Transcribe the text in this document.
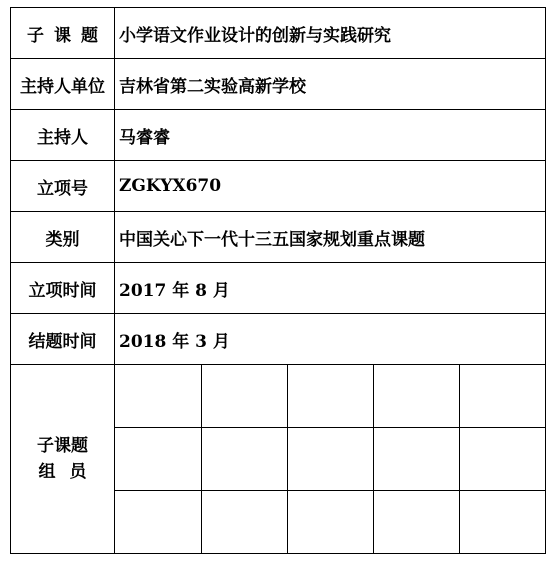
子课题	小学语文作业设计的创新与实践研究
主持人单位	吉林省第二实验高新学校
主持人	马睿睿
立项号	ZGKYX670
类别	中国关心下一代十三五国家规划重点课题
立项时间	2017 年 8 月
结题时间	2018 年 3 月

子课题
组员
